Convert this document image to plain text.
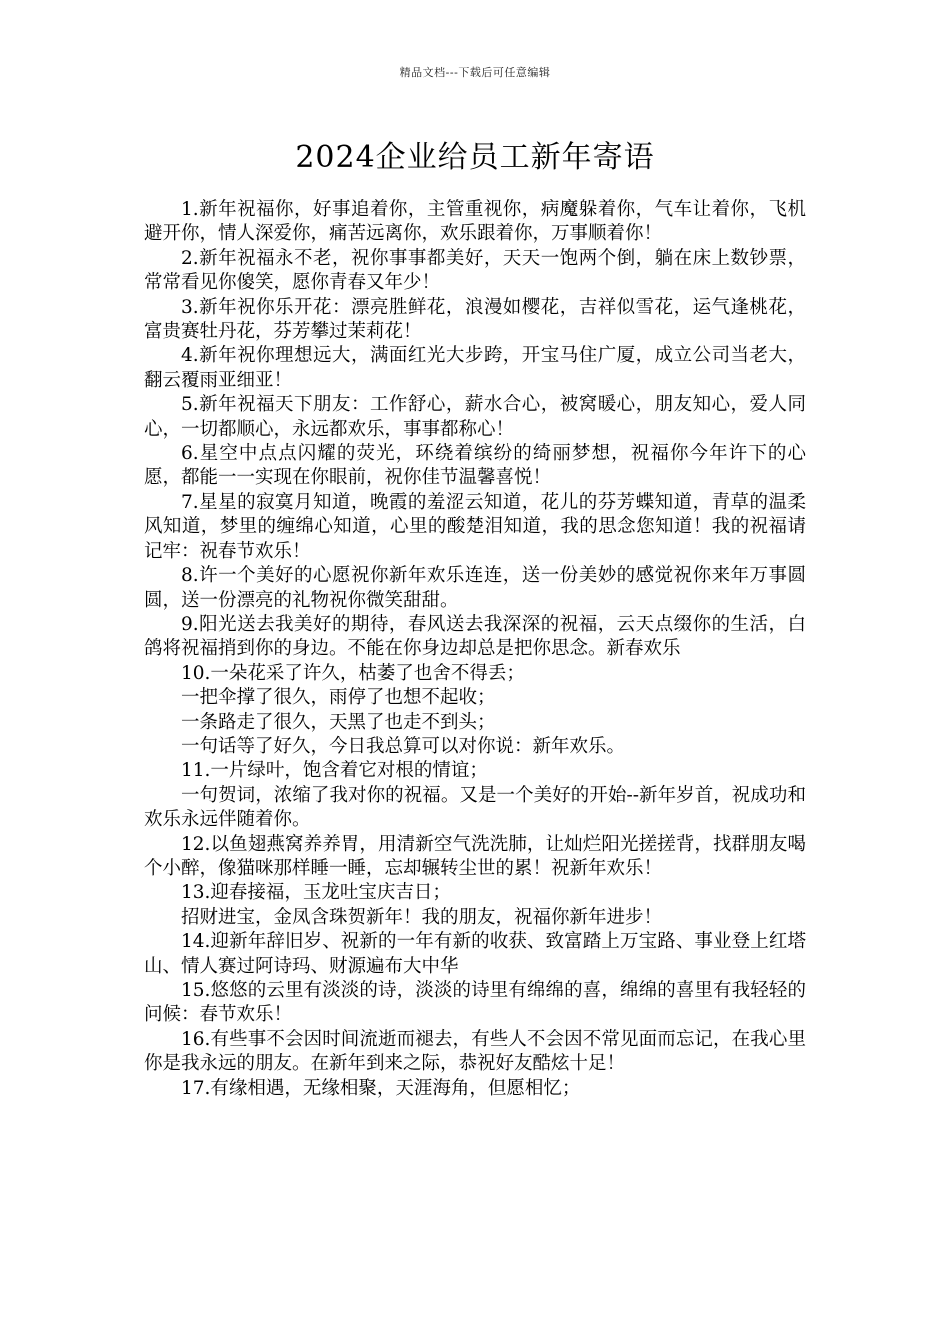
精品文档---下载后可任意编辑
2024企业给员工新年寄语

1.新年祝福你，好事追着你，主管重视你，病魔躲着你，气车让着你，飞机避开你，情人深爱你，痛苦远离你，欢乐跟着你，万事顺着你！

2.新年祝福永不老，祝你事事都美好，天天一饱两个倒，躺在床上数钞票，常常看见你傻笑，愿你青春又年少！

3.新年祝你乐开花：漂亮胜鲜花，浪漫如樱花，吉祥似雪花，运气逢桃花，富贵赛牡丹花，芬芳攀过茉莉花！

4.新年祝你理想远大，满面红光大步跨，开宝马住广厦，成立公司当老大，翻云覆雨亚细亚！

5.新年祝福天下朋友：工作舒心，薪水合心，被窝暖心，朋友知心，爱人同心，一切都顺心，永远都欢乐，事事都称心！

6.星空中点点闪耀的荧光，环绕着缤纷的绮丽梦想，祝福你今年许下的心愿，都能一一实现在你眼前，祝你佳节温馨喜悦！

7.星星的寂寞月知道，晚霞的羞涩云知道，花儿的芬芳蝶知道，青草的温柔风知道，梦里的缠绵心知道，心里的酸楚泪知道，我的思念您知道！我的祝福请记牢：祝春节欢乐！

8.许一个美好的心愿祝你新年欢乐连连，送一份美妙的感觉祝你来年万事圆圆，送一份漂亮的礼物祝你微笑甜甜。

9.阳光送去我美好的期待，春风送去我深深的祝福，云天点缀你的生活，白鸽将祝福捎到你的身边。不能在你身边却总是把你思念。新春欢乐

10.一朵花采了许久，枯萎了也舍不得丢；

一把伞撑了很久，雨停了也想不起收；

一条路走了很久，天黑了也走不到头；

一句话等了好久，今日我总算可以对你说：新年欢乐。

11.一片绿叶，饱含着它对根的情谊；

一句贺词，浓缩了我对你的祝福。又是一个美好的开始--新年岁首，祝成功和欢乐永远伴随着你。

12.以鱼翅燕窝养养胃，用清新空气洗洗肺，让灿烂阳光搓搓背，找群朋友喝个小醉，像猫咪那样睡一睡，忘却辗转尘世的累！祝新年欢乐！

13.迎春接福，玉龙吐宝庆吉日；

招财进宝，金凤含珠贺新年！我的朋友，祝福你新年进步！

14.迎新年辞旧岁、祝新的一年有新的收获、致富踏上万宝路、事业登上红塔山、情人赛过阿诗玛、财源遍布大中华

15.悠悠的云里有淡淡的诗，淡淡的诗里有绵绵的喜，绵绵的喜里有我轻轻的问候：春节欢乐！

16.有些事不会因时间流逝而褪去，有些人不会因不常见面而忘记，在我心里你是我永远的朋友。在新年到来之际，恭祝好友酷炫十足！

17.有缘相遇，无缘相聚，天涯海角，但愿相忆；
